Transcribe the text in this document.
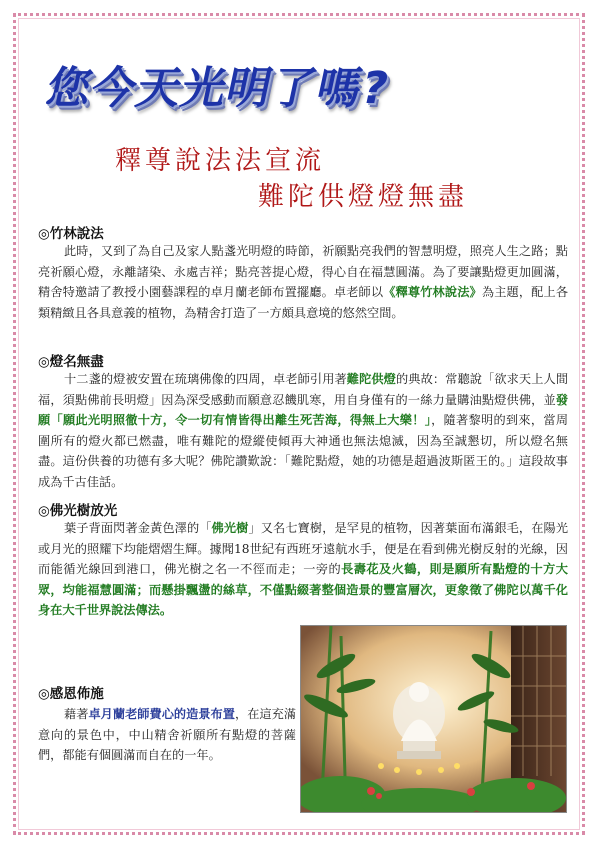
您今天光明了嗎?
釋尊說法法宣流
難陀供燈燈無盡
◎竹林說法

此時，又到了為自己及家人點盞光明燈的時節，祈願點亮我們的智慧明燈，照亮人生之路；點亮祈願心燈，永離諸染、永處吉祥；點亮菩提心燈，得心自在福慧圓滿。為了要讓點燈更加圓滿，精舍特邀請了教授小園藝課程的卓月蘭老師布置擺廳。卓老師以《釋尊竹林說法》為主題，配上各類精緻且各具意義的植物，為精舍打造了一方頗具意境的悠然空間。

◎燈名無盡

十二盞的燈被安置在琉璃佛像的四周，卓老師引用著難陀供燈的典故：常聽說「欲求天上人間福，須點佛前長明燈」因為深受感動而願意忍饑肌寒，用自身僅有的一絲力量購油點燈供佛，並發願「願此光明照徹十方，令一切有情皆得出離生死苦海，得無上大樂！」，隨著黎明的到來，當周圍所有的燈火都已燃盡，唯有難陀的燈縱使傾再大神通也無法熄滅，因為至誠懇切，所以燈名無盡。這份供養的功德有多大呢？佛陀讚歎說：「難陀點燈，她的功德是超過波斯匿王的。」這段故事成為千古佳話。

◎佛光樹放光

葉子背面閃著金黃色澤的「佛光樹」又名七寶樹，是罕見的植物，因著葉面布滿銀毛，在陽光或月光的照耀下均能熠熠生輝。據聞18世紀有西班牙遠航水手，便是在看到佛光樹反射的光線，因而能循光線回到港口，佛光樹之名一不徑而走；一旁的長壽花及火鶴，則是願所有點燈的十方大眾，均能福慧圓滿；而懸掛飄盪的絲草，不僅點綴著整個造景的豐富層次，更象徵了佛陀以萬千化身在大千世界說法傳法。

◎感恩佈施

藉著卓月蘭老師費心的造景布置，在這充滿意向的景色中，中山精舍祈願所有點燈的菩薩們，都能有個圓滿而自在的一年。
